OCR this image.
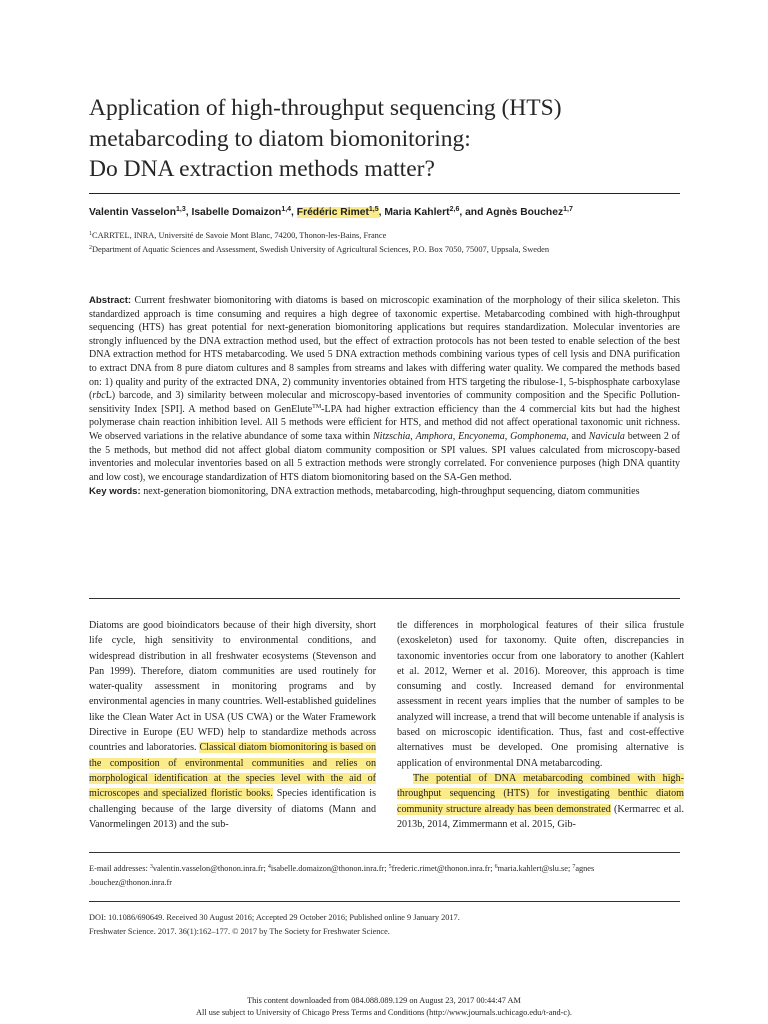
Application of high-throughput sequencing (HTS)
metabarcoding to diatom biomonitoring:
Do DNA extraction methods matter?
Valentin Vasselon$^{1,3}$, Isabelle Domaizon$^{1,4}$, Frédéric Rimet$^{1,5}$, Maria Kahlert$^{2,6}$, and Agnès Bouchez$^{1,7}$
$^1$CARRTEL, INRA, Université de Savoie Mont Blanc, 74200, Thonon-les-Bains, France
$^2$Department of Aquatic Sciences and Assessment, Swedish University of Agricultural Sciences, P.O. Box 7050, 75007, Uppsala, Sweden
Abstract: Current freshwater biomonitoring with diatoms is based on microscopic examination of the morphology of their silica skeleton. This standardized approach is time consuming and requires a high degree of taxonomic expertise. Metabarcoding combined with high-throughput sequencing (HTS) has great potential for next-generation biomonitoring applications but requires standardization. Molecular inventories are strongly influenced by the DNA extraction method used, but the effect of extraction protocols has not been tested to enable selection of the best DNA extraction method for HTS metabarcoding. We used 5 DNA extraction methods combining various types of cell lysis and DNA purification to extract DNA from 8 pure diatom cultures and 8 samples from streams and lakes with differing water quality. We compared the methods based on: 1) quality and purity of the extracted DNA, 2) community inventories obtained from HTS targeting the ribulose-1, 5-bisphosphate carboxylase (rbcL) barcode, and 3) similarity between molecular and microscopy-based inventories of community composition and the Specific Pollution-sensitivity Index [SPI]. A method based on GenElute™-LPA had higher extraction efficiency than the 4 commercial kits but had the highest polymerase chain reaction inhibition level. All 5 methods were efficient for HTS, and method did not affect operational taxonomic unit richness. We observed variations in the relative abundance of some taxa within Nitzschia, Amphora, Encyonema, Gomphonema, and Navicula between 2 of the 5 methods, but method did not affect global diatom community composition or SPI values. SPI values calculated from microscopy-based inventories and molecular inventories based on all 5 extraction methods were strongly correlated. For convenience purposes (high DNA quantity and low cost), we encourage standardization of HTS diatom biomonitoring based on the SA-Gen method.
Key words: next-generation biomonitoring, DNA extraction methods, metabarcoding, high-throughput sequencing, diatom communities

Diatoms are good bioindicators because of their high diversity, short life cycle, high sensitivity to environmental conditions, and widespread distribution in all freshwater ecosystems (Stevenson and Pan 1999). Therefore, diatom communities are used routinely for water-quality assessment in monitoring programs and by environmental agencies in many countries. Well-established guidelines like the Clean Water Act in USA (US CWA) or the Water Framework Directive in Europe (EU WFD) help to standardize methods across countries and laboratories. Classical diatom biomonitoring is based on the composition of environmental communities and relies on morphological identification at the species level with the aid of microscopes and specialized floristic books. Species identification is challenging because of the large diversity of diatoms (Mann and Vanormelingen 2013) and the sub-

tle differences in morphological features of their silica frustule (exoskeleton) used for taxonomy. Quite often, discrepancies in taxonomic inventories occur from one laboratory to another (Kahlert et al. 2012, Werner et al. 2016). Moreover, this approach is time consuming and costly. Increased demand for environmental assessment in recent years implies that the number of samples to be analyzed will increase, a trend that will become untenable if analysis is based on microscopic identification. Thus, fast and cost-effective alternatives must be developed. One promising alternative is application of environmental DNA metabarcoding.

The potential of DNA metabarcoding combined with high-throughput sequencing (HTS) for investigating benthic diatom community structure already has been demonstrated (Kermarrec et al. 2013b, 2014, Zimmermann et al. 2015, Gib-

E-mail addresses: $^3$valentin.vasselon@thonon.inra.fr; $^4$isabelle.domaizon@thonon.inra.fr; $^5$frederic.rimet@thonon.inra.fr; $^6$maria.kahlert@slu.se; $^7$agnes
.bouchez@thonon.inra.fr
DOI: 10.1086/690649. Received 30 August 2016; Accepted 29 October 2016; Published online 9 January 2017.
Freshwater Science. 2017. 36(1):162–177. © 2017 by The Society for Freshwater Science.
This content downloaded from 084.088.089.129 on August 23, 2017 00:44:47 AM
All use subject to University of Chicago Press Terms and Conditions (http://www.journals.uchicago.edu/t-and-c).
